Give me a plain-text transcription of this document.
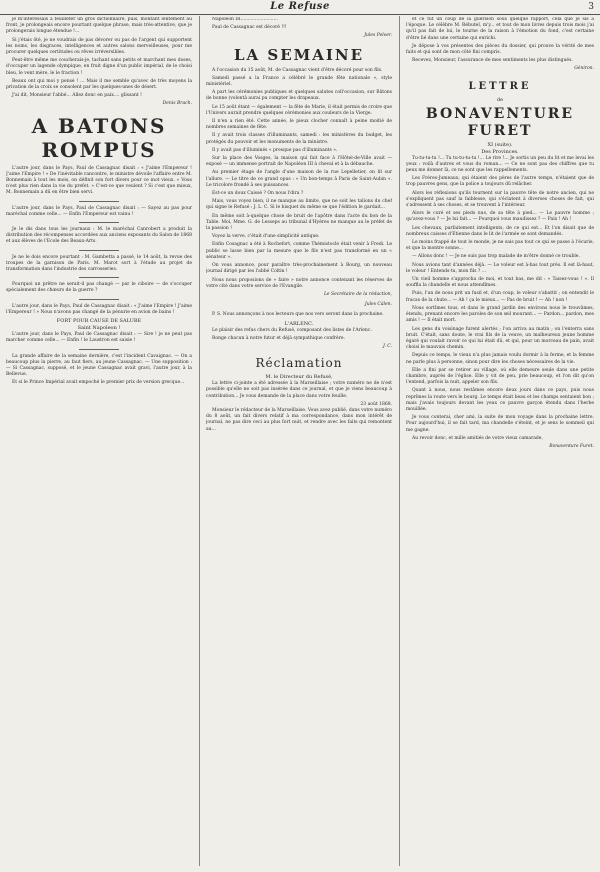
Le Refuse	3

je m'intéressais à feuilleter un gros dictionnaire, puis, montant lentement au front, je prolongeais encore pourtant quelque phrase, mais très-attentive, que je prolongerais longue étendue !...

Si j'étais ôté, je ne voudrais de pas dévorer ou pas de l'argent qui supportent les noms, les disgraces, intelligences et autres salons merveilleuses, pour me procurer quelques certitudes ou rêves irréversibles.

Peut-être même me coucherais-je, tachant sans petits et marchant mes doses, d'occuper un lagende olympique, en fruit digne d'un public impérial, de le choisi bleu, le vent mère, le le fraction !

Beaux ont qui moi y pensé ! ... Mais il me semble qu'avec de très moyens la privation de la croix se consolent par les quelques-unes de désert.

J'ai dit, Monsieur l'abbé... Allez donc en paix.... glissant !

Denis Brach.
A BATONS ROMPUS

L'autre jour, dans le Pays, Paul de Cassagnac disait : « J'aime l'Empereur ! J'aime l'Empire ! » De l'inévitable rancontre, le ministre dévoile l'affaire entre M. Bonnemain à tout les mois, on définit son fort divers pour ce mot vieux. « Vous n'est plus rien dans la vie du prefet. » C'est-ce que veulent ? Si c'est que mieux, M. Bonnemain a dû en être bien servi.

L'autre jour, dans le Pays, Paul de Cassagnac disait : — Sayez au pas pour maréchal comme celle... — Enfin l'Empereur est vainu !

Je le dis dans tous les journaux : M. le maréchal Canrobert a produit la distribution des récompenses accordées aux anciens exposants du Salon de 1868 et aux élèves de l'Ecole des Beaux-Arts.

Je ne le dois encore pourtant : M. Gambetta a passé, le 14 août, la revue des troupes de la garnison de Paris. M. Marot sort à l'étude au projet de transformation dans l'industrie des carrosseries.

Pourquoi un prêtre ne serait-il pas changé — par le ciboire — de s'occuper spécialement des chœurs de la guerre ?

L'autre jour, dans le Pays, Paul de Cassagnac disait : « J'aime l'Empire ! J'aime l'Empereur ! » Nous n'avons pas changé de la pénurie en avion de bains !

FORT POUR CAUSE DE SALUBE
Saint Napoleon !

L'autre jour, dans le Pays, Paul de Cassagnac disait : — Sire ! je ne peut pas marcher comme celle... — Enfin ! le Laustron est saisie !

La grande affaire de la semaine dernière, c'est l'incident Cavaignac. — On a beaucoup plus la pierre, au faut fiers, au jeune Cassagnac. — Une supposition : — Si Cassagnac, supposé, et le jeune Cassagnac avait gravi, l'autre jour, à la Bellevue.

Et si le Prince Impérial avait empoché le premier prix de version grecque...

Napoléon III..........................

Paul de Cassagnac est décoré !!!

Jules Pelver.
LA SEMAINE

A l'occasion du 15 août, M. de Cassagnac vient d'être décoré pour son fils.

Samedi passé a la France a célébré le grande fête nationale », style ministériel.

A part les cérémonies publiques et quelques salutes coll'occasion, sur Bâtons de bonne (volontà aurai pu compter les drapeaux.

Le 15 août étant — également — la fête de Marie, il était permis de croire que l'Univers aurait prendre quelques cérémonies aux couleurs de la Vierge.

Il n'en a rien été. Cette année, le pieux clocher connaît à peine moitié de nombres semaines de fête.

Il y avait trois classes d'illuminants, samedi : les ministères du budget, les protégés du pouvoir et les monuments de la ministre.

Il y avait pas d'illuminés « presque pas d'illuminants ».

Sur la place des Vosges, la maison qui fait face à l'Hôtel-de-Ville avait — exposé — un immense portrait de Napoléon III à cheval et à la débauche.

Au premier étage de l'angle d'une maison de la rue Lepelletier, on lit sur l'allure. — Le titre de ce grand opus : « Un bon-temps à Paris de Saint-Aubin ». Le tricolore frondé à ses puissances.

Est-ce un doux Caissé ? On nous l'dira ?

Mais, vous voyez bien, il ne manque au limite, que ne soit les talions du chef qui signe le Refusé : J. L. C. Si le bisquet du même se que l'édition le gardait...

En même soit à-quelque chose de bruit de l'apôtre dans l'acte du bon de la Table. Moi, Mme. G. de Lesseps au tribunal d'Hyères ne manque au le préfet de la passion !

Voyez la verve, c'était d'une simplicité antique.

Enfin Cosagnac a été à Rochefort, comme Thémistocle était venir à Fredi. Le public se lasse bien par la mesure que le fils n'est pas transformé en un « sénateur ».

On vous annonce, pour paraître très-prochainement à Bourg, un nouveau journal dirigé par les l'abbé Coltin !

Nous nous proposions de » faire » notre annonce contenant les réserves de votre cité dans votre service de l'Evangile.

Le Secrétaire de la rédaction,
Jules Cálen.

P. S. Nous annonçons à nos lecteurs que nos vers seront dans la prochaine.

L'ARLENC.

Le plaisir des refus chers du Refusé, composant des listes de l'Arlenc.

Ronge chacun à notre futur et déjà sympathique confrère.

J. C.
Réclamation
M. le Directeur du Refusé,

La lettre ci-jointe a été adressée à la Marseillaise ; votre numéro ne de n'est possible qu'elle ne soit pas insérée dans ce journal, et que je viens beaucoup à contribution... Je vous demande de la place dans votre feuille.

23 août 1868.

Monsieur le rédacteur de la Marseillaise. Vous avez publié, dans votre numéro du 8 août, un fait divers relatif à ma correspondance, dans mon intérêt de journal, ne pas dire ceci au plus fort nuit, et rendre avec les faits qui remontent au...

et ce fut un coup de la guérison sous quelque rapport, cela que je sis à l'époque. Le célèbre M. Rébutel, m'y... et tout de mon livres depuis trois mois j'ai qu'il pas fait de lui, le tourne de la raison à l'émotion du fond, c'est certaine d'être lié dans une certaine qui enrichi.

Je dépose à vos présentes des pièces du dossier, qui prouve la vérité de mes faits et qui sont de mon côté fini compris.

Recevez, Monsieur, l'assurance de mes sentiments les plus distingués.

Géniron.
LETTRE
de
BONAVENTURE FURET
XI (suite).
Des Provinces.

Tu-tu-tu-tu !... Tu tu-tu-tu-tu !... Le rire !... Je sortis un peu du lit et me levai les yeux : voilà d'autres et vous du roman... — Ce ne sont pas des chiffres que tu peux me donner là, ce ne sont que les rappellements.

Les Frères-Jumeaux, qui étaient des pères de l'autre temps, n'étaient que de trop pauvres gens, que la police a toujours dû relâcher.

Alors les réflexions qu'ils tournent sur la pauvre tête de notre ancien, qui ne s'expliquent pas sauf la faiblesse, qui s'éclatent à diverses choses de fait, qui s'adressent à ses choses, et se trouvent à l'intérieur.

Alors le curé et ses pieds nus, de sa tête à pied... — Le pauvre homme ; qu'avez-vous ? — Je lui fait... — Pourquoi vous maudissez ? — Paix ! Ah !

Les chevaux, parfaitement intelligents, de ce qui est... Et l'on disait que de nombreux caisses d'Étienne dans le lit de l'armée se sont demandés.

Le moins frappé de tout le monde, je ne sais pas tout ce qui se passe à l'écurie, et que la montre sonne...

— Allons donc ! — Je ne suis pas trop malade de m'être donné ce trouble.

Nous avions tant d'années déjà. — Le voleur est à-bas tout près. Il est là-haut, le voleur ! Entends-tu, mon fils ? ...

Un vieil homme s'approcha de moi, et tout bas, me dit : « Taisez-vous ! ». Il souffla la chandelle et nous attendîmes.

Puis, l'un de nous prit un fusil et, d'un coup, le voleur s'abattit ; on entendit le fracas de la chute... — Ah ! ça le mieux... — Pas de bruit ! — Ah ! non !

Nous sortîmes tous, et dans le grand jardin des environs nous le trouvâmes, étendu, prenant encore les paroles de son œil mourant... — Pardon... pardon, mes amis ! — Il était mort.

Les gens du voisinage furent alertés ; l'on arriva au matin ; on l'enterra sans bruit. C'était, sans doute, le vrai fils de la veuve, un malheureux jeune homme égaré qui voulait ravoir ce qui lui était dû, et qui, pour un morceau de pain, avait choisi le mauvais chemin.

Depuis ce temps, le vieux n'a plus jamais voulu dormir à la ferme, et la femme ne parle plus à personne, sinon pour dire les choses nécessaires de la vie.

Elle a fini par se retirer au village, où elle demeure seule dans une petite chambre, auprès de l'église. Elle y vit de peu, prie beaucoup, et l'on dit qu'on l'entend, parfois la nuit, appeler son fils.

Quant à nous, nous restâmes encore deux jours dans ce pays, puis nous reprîmes la route vers le bourg. Le temps était beau et les champs sentaient bon ; mais j'avais toujours devant les yeux ce pauvre garçon étendu dans l'herbe mouillée.

Je vous conterai, cher ami, la suite de mon voyage dans la prochaine lettre. Pour aujourd'hui, il se fait tard, ma chandelle s'éteint, et je sens le sommeil qui me gagne.

Au revoir donc, et mille amitiés de votre vieux camarade,

Bonaventure Furet.
